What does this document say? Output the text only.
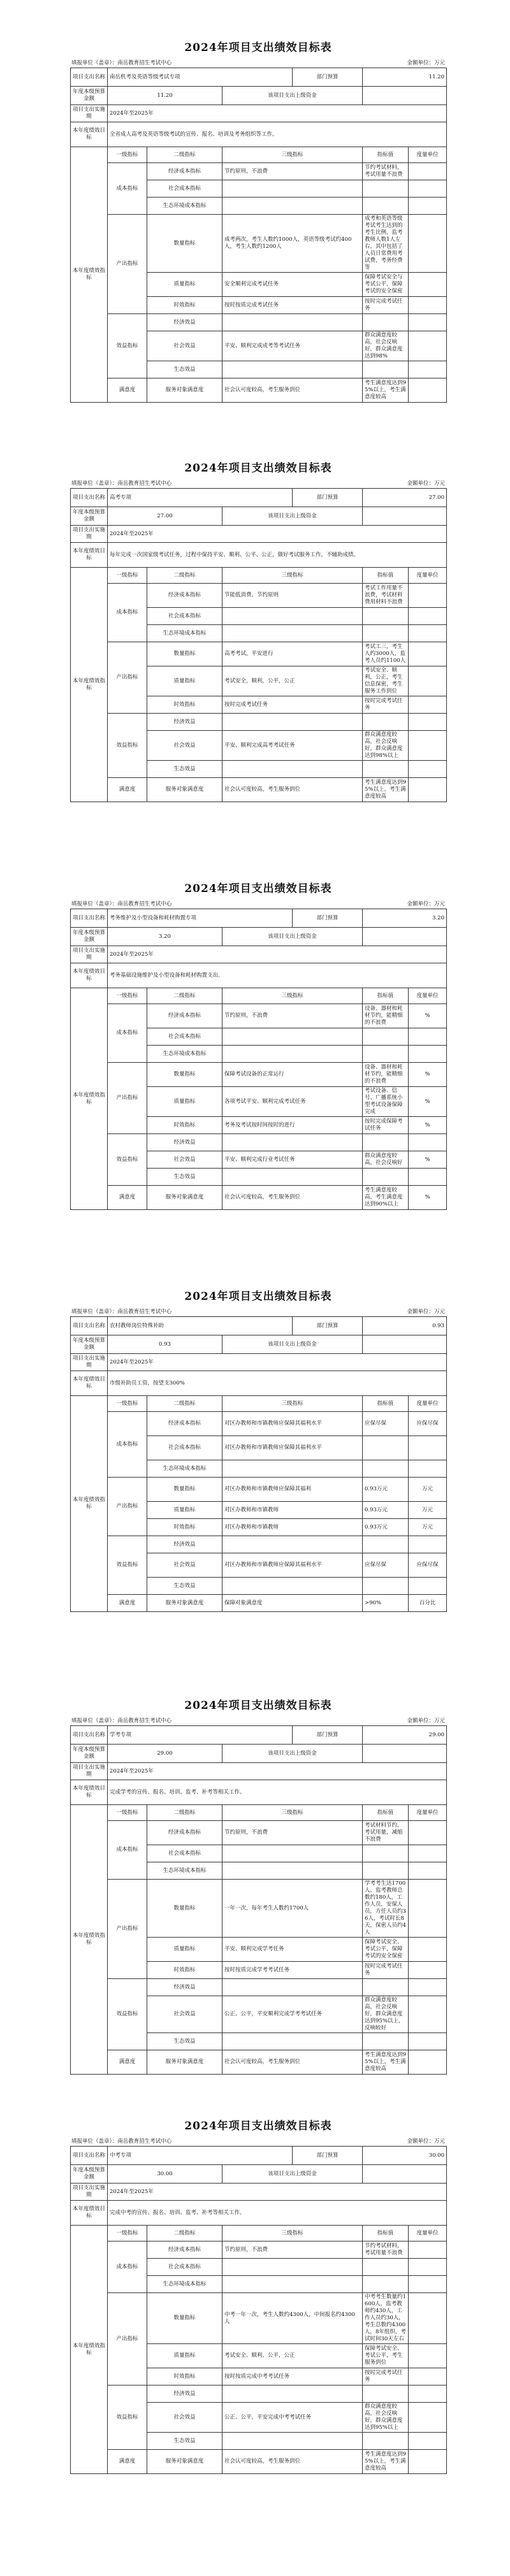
2024年项目支出绩效目标表
填报单位（盖章）：南岳教育招生考试中心	金额单位：万元
项目支出名称	南岳机考及英语等级考试专项			部门预算	11.20	
年度本级预算金额	11.20		该项目支出上级资金			
项目支出实施期	2024年至2025年					
本年度绩效目标	全省成人高考及英语等级考试的宣传、报名、培训及考务组织等工作。					
本年度绩效指标	一级指标	二级指标	三级指标		指标值	度量单位
	成本指标	经济成本指标	节约原则，不浪费		节约考试材料，考试用量不浪费	
		社会成本指标				
		生态环境成本指标				
	产出指标	数量指标	成考两次，考生人数约1000人，英语等级考试约400人，考生人数约1200人		成考和英语等级考试考生达到的考生比例，监考教师人数1人左右，其中包括了人员日常费用考试费，考务经费等	
		质量指标	安全顺利完成考试任务		保障考试安全与考试公平，保障考试的安全保密	
		时效指标	按时按质完成考试任务		按时完成考试任务	
	效益指标	经济效益				
		社会效益	平安、顺利完成成考等考试任务		群众满意度较高，社会反响好，群众满意度达到98%	
		生态效益				
	满意度	服务对象满意度	社会认可度较高，考生服务到位		考生满意度达到95%以上，考生满意度较高	
2024年项目支出绩效目标表
填报单位（盖章）：南岳教育招生考试中心	金额单位：万元
项目支出名称	高考专项			部门预算	27.00	
年度本级预算金额	27.00		该项目支出上级资金			
项目支出实施期	2024年至2025年					
本年度绩效目标	每年完成一次国家级考试任务，过程中保持平安、顺利、公平、公正，做好考试服务工作，不辅助成绩。					
本年度绩效指标	一级指标	二级指标	三级指标		指标值	度量单位
	成本指标	经济成本指标	节能低消费、节约原则		考试工作用量不浪费，考试材料费用材料不浪费	
		社会成本指标				
		生态环境成本指标				
	产出指标	数量指标	高考考试，平安进行		考试工三，考生人约3000人，监考人员约1100人	
		质量指标	考试安全，顺利，公平，公正		考试安全、顺利，公正，考生信息保密，考生服务工作到位	
		时效指标	按时完成考试任务		按时完成考试任务	
	效益指标	经济效益				
		社会效益	平安、顺利完成高考考试任务		群众满意度较高，社会反响好，群众满意度达到98%以上	
		生态效益				
	满意度	服务对象满意度	社会认可度较高，考生服务到位		考生满意度达到95%以上，考生满意度较高	
2024年项目支出绩效目标表
填报单位（盖章）：南岳教育招生考试中心	金额单位：万元
项目支出名称	考务维护及小型设备和耗材购置专项			部门预算	3.20	
年度本级预算金额	3.20		该项目支出上级资金			
项目支出实施期	2024年至2025年					
本年度绩效目标	考务基础设施维护及小型设备和耗材购置支出。					
本年度绩效指标	一级指标	二级指标	三级指标		指标值	度量单位
	成本指标	经济成本指标	节约原则，不浪费		设备、器材和耗材节约，能精细的不浪费	%
		社会成本指标				
		生态环境成本指标				
	产出指标	数量指标	保障考试设备的正常运行		设备、器材和耗材节约，能精细的不浪费	%
		质量指标	各项考试平安、顺利完成考试任务		考试设备、信号、广播系统小型考试设备保障完成	%
		时效指标	考务及考试按时间按时的进行		按时完成保障考试任务	%
	效益指标	经济效益				
		社会效益	平安、顺利完成行业考试任务		群众满意度较高，社会反响好	%
		生态效益				
	满意度	服务对象满意度	社会认可度较高，考生服务到位		考生满意度较高，考生满意度达到90%以上	%
2024年项目支出绩效目标表
填报单位（盖章）：南岳教育招生考试中心	金额单位：万元
项目支出名称	农村教师岗位特殊补助			部门预算	0.93	
年度本级预算金额	0.93		该项目支出上级资金			
项目支出实施期	2024年至2025年					
本年度绩效目标	市级补助员工资，按望支300%					
本年度绩效指标	一级指标	二级指标	三级指标		指标值	度量单位
	成本指标	经济成本指标	对区办教师和市镇教师应保障其福利水平		应保尽保	应保尽保
		社会成本指标	对区办教师和市镇教师应保障其福利水平			
		生态环境成本指标				
	产出指标	数量指标	对区办教师和市镇教师应保障其福利		0.93万元	万元
		质量指标	对区办教师和市镇教师		0.93万元	万元
		时效指标	对区办教师和市镇教师		0.93万元	万元
	效益指标	经济效益				
		社会效益	对区办教师和市镇教师应保障其福利水平		应保尽保	应保尽保
		生态效益				
	满意度	服务对象满意度	保障对象满意度		>90%	百分比
2024年项目支出绩效目标表
填报单位（盖章）：南岳教育招生考试中心	金额单位：万元
项目支出名称	学考专项			部门预算	29.00	
年度本级预算金额	29.00		该项目支出上级资金			
项目支出实施期	2024年至2025年					
本年度绩效目标	完成学考的宣传、报名、培训、监考、补考等相关工作。					
本年度绩效指标	一级指标	二级指标	三级指标		指标值	度量单位
	成本指标	经济成本指标	节约原则，不浪费		考试材料节约，考试用量，减缩不浪费	
		社会成本指标				
		生态环境成本指标				
	产出指标	数量指标	一年一次，每年考生人数约1700人		学考考生达1700人，监考教师总数约180人，工作人员，安保人员，方任人员约36人，考试时长8天，保密人员约4人	
		质量指标	平安、顺利完成学考任务		保障考试安全、考试公平，保障考试的安全保密	
		时效指标	按时按质完成学考考试任务		按时完成考试任务	
	效益指标	经济效益				
		社会效益	公正、公平，平安顺利完成学考考试任务		群众满意度较高，社会反响好，群众满意度达到95%以上，反响较好	
		生态效益				
	满意度	服务对象满意度	社会认可度较高，考生服务到位		考生满意度达到95%以上，考生满意度较高	
2024年项目支出绩效目标表
填报单位（盖章）：南岳教育招生考试中心	金额单位：万元
项目支出名称	中考专项			部门预算	30.00	
年度本级预算金额	30.00		该项目支出上级资金			
项目支出实施期	2024年至2025年					
本年度绩效目标	完成中考的宣传、报名、培训、监考、补考等相关工作。					
本年度绩效指标	一级指标	二级指标	三级指标		指标值	度量单位
	成本指标	经济成本指标	节约原则，不浪费		节约考试材料，考试用量不浪费	
		社会成本指标				
		生态环境成本指标				
	产出指标	数量指标	中考一年一次，考生人数约4300人，中间报名约4300人		中考考生数量约1600人，监考教师约430人，工作人员约30人，考生总数约4300人，8年组织，考试时间30天左右	
		质量指标	考试安全、顺利、公平，公正		保障考试安全、考试公平，考生服务到位	
		时效指标	按时按质完成中考考试任务		按时完成考试任务	
	效益指标	经济效益				
		社会效益	公正、公平，平安完成中考考试任务		群众满意度较高，社会反响好，群众满意度达到95%以上	
		生态效益				
	满意度	服务对象满意度	社会认可度较高，考生服务到位		考生满意度达到95%以上，考生满意度较高	
